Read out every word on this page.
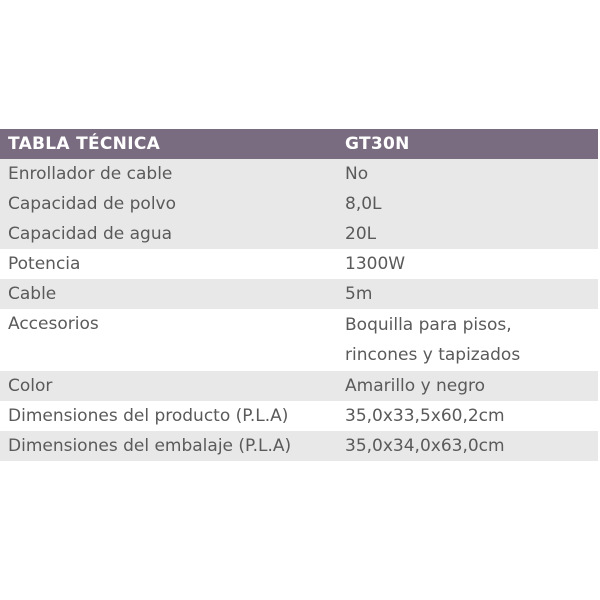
TABLA TÉCNICA	GT30N
Enrollador de cable	No
Capacidad de polvo	8,0L
Capacidad de agua	20L
Potencia	1300W
Cable	5m
Accesorios	Boquilla para pisos,
rincones y tapizados
Color	Amarillo y negro
Dimensiones del producto (P.L.A)	35,0x33,5x60,2cm
Dimensiones del embalaje (P.L.A)	35,0x34,0x63,0cm
